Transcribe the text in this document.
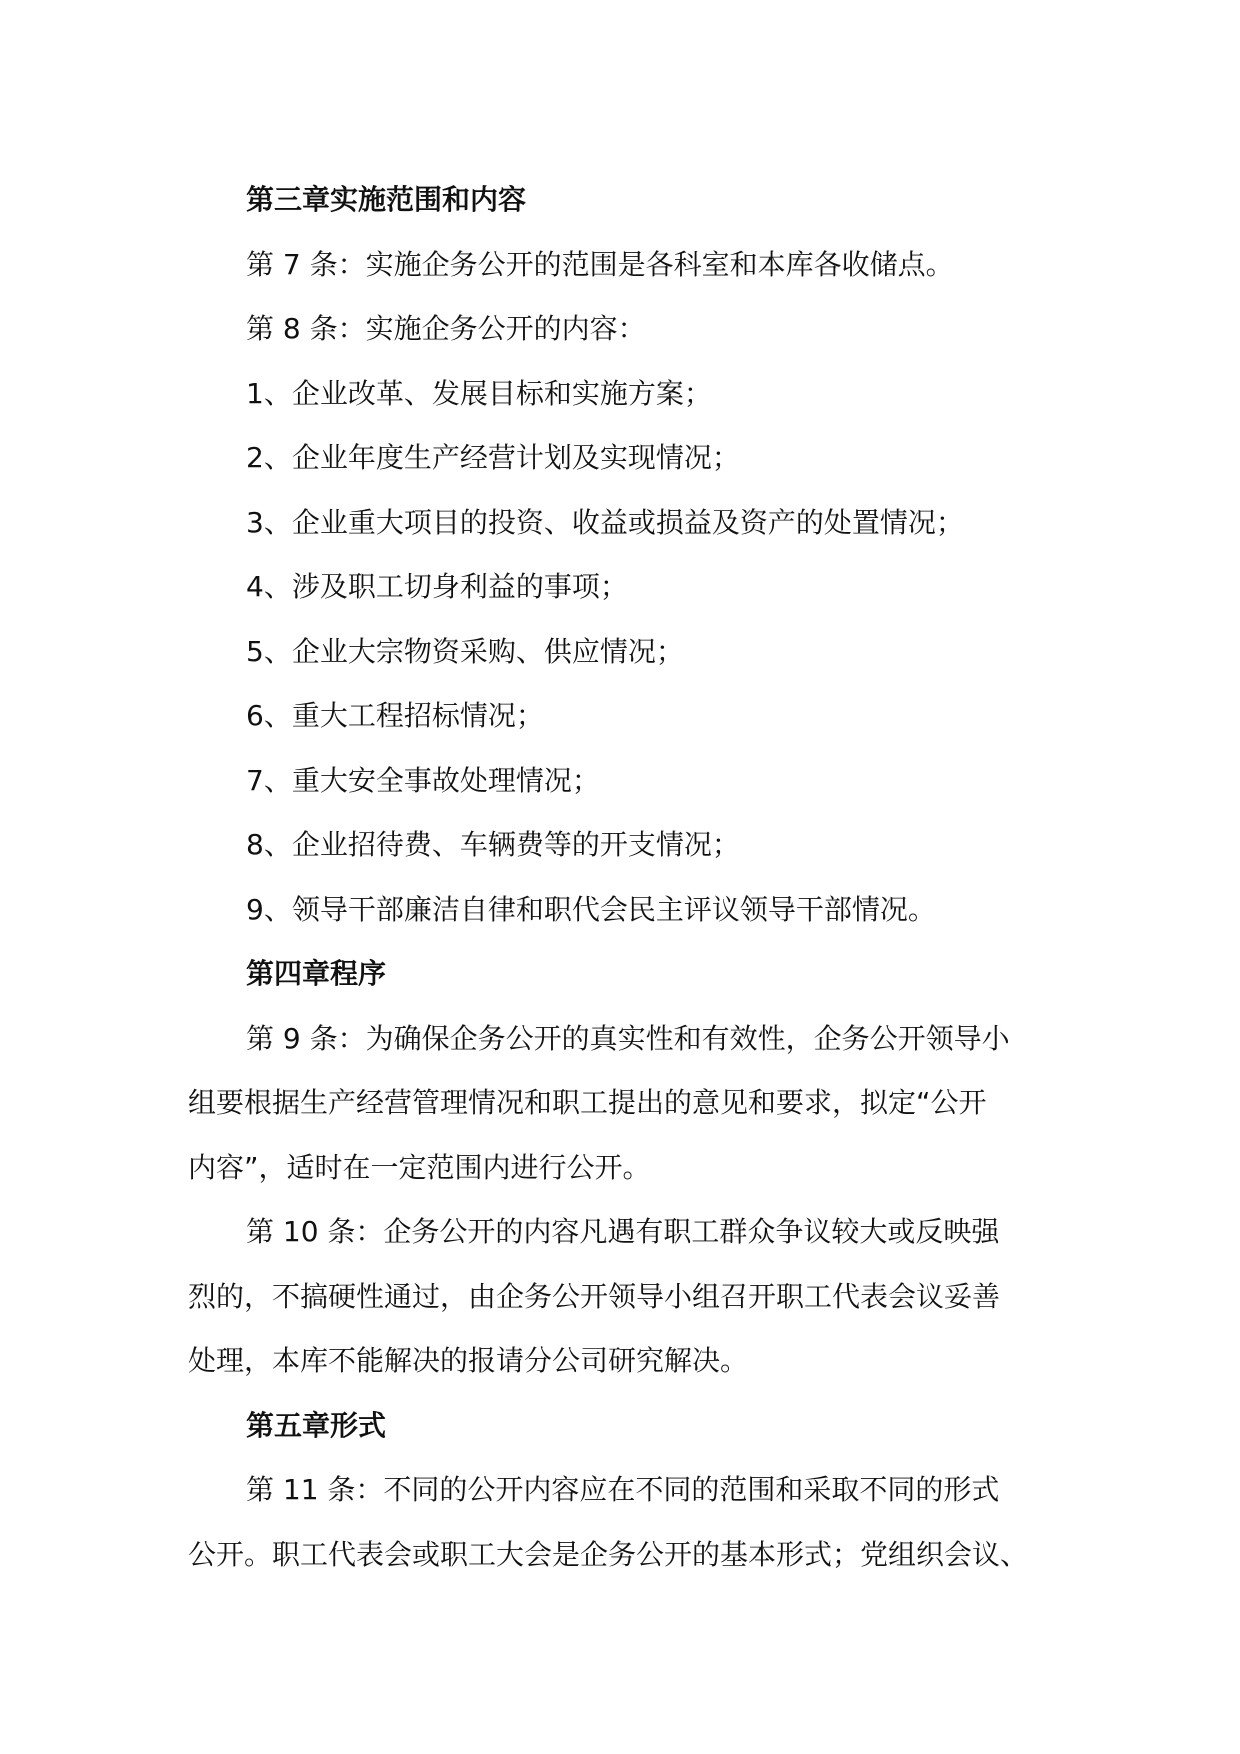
第三章实施范围和内容

第 7 条：实施企务公开的范围是各科室和本库各收储点。

第 8 条：实施企务公开的内容：

1、企业改革、发展目标和实施方案；

2、企业年度生产经营计划及实现情况；

3、企业重大项目的投资、收益或损益及资产的处置情况；

4、涉及职工切身利益的事项；

5、企业大宗物资采购、供应情况；

6、重大工程招标情况；

7、重大安全事故处理情况；

8、企业招待费、车辆费等的开支情况；

9、领导干部廉洁自律和职代会民主评议领导干部情况。

第四章程序

第 9 条：为确保企务公开的真实性和有效性，企务公开领导小

组要根据生产经营管理情况和职工提出的意见和要求，拟定“公开

内容”，适时在一定范围内进行公开。

第 10 条：企务公开的内容凡遇有职工群众争议较大或反映强

烈的，不搞硬性通过，由企务公开领导小组召开职工代表会议妥善

处理，本库不能解决的报请分公司研究解决。

第五章形式

第 11 条：不同的公开内容应在不同的范围和采取不同的形式

公开。职工代表会或职工大会是企务公开的基本形式；党组织会议、
